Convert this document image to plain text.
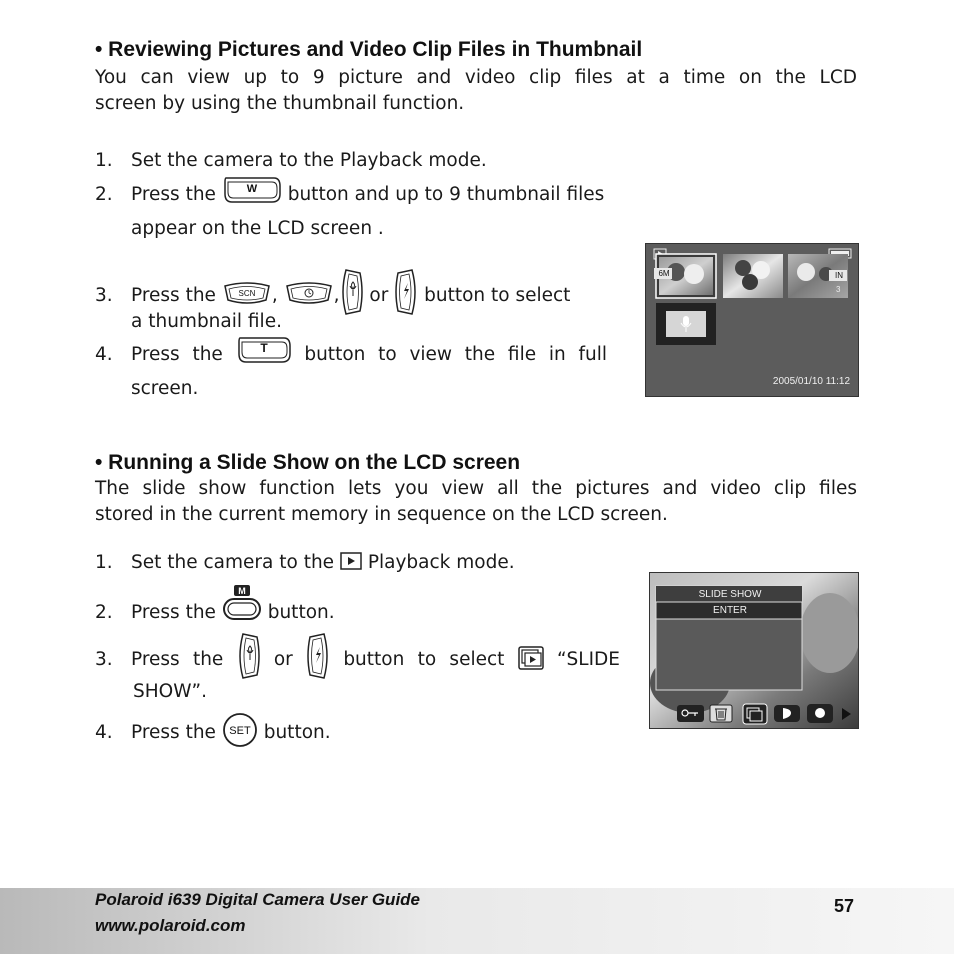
• Reviewing Pictures and Video Clip Files in Thumbnail
You can view up to 9 picture and video clip files at a time on the LCD
screen by using the thumbnail function.
1. Set the camera to the Playback mode.
2. Press the	W button and up to 9 thumbnail files
appear on the LCD screen .
3. Press the	SCN ,	, or button to select
a thumbnail file.
4. Press the	T button to view the file in full
screen.
6M	IN
3
2005/01/10 11:12
• Running a Slide Show on the LCD screen
The slide show function lets you view all the pictures and video clip files
stored in the current memory in sequence on the LCD screen.
1. Set the camera to the Playback mode.
2. Press the
M
button.
3. Press the	or	button to select	“SLIDE
SHOW”.
4. Press the SET button.
SLIDE SHOW
ENTER
Polaroid i639 Digital Camera User Guide
www.polaroid.com
57
